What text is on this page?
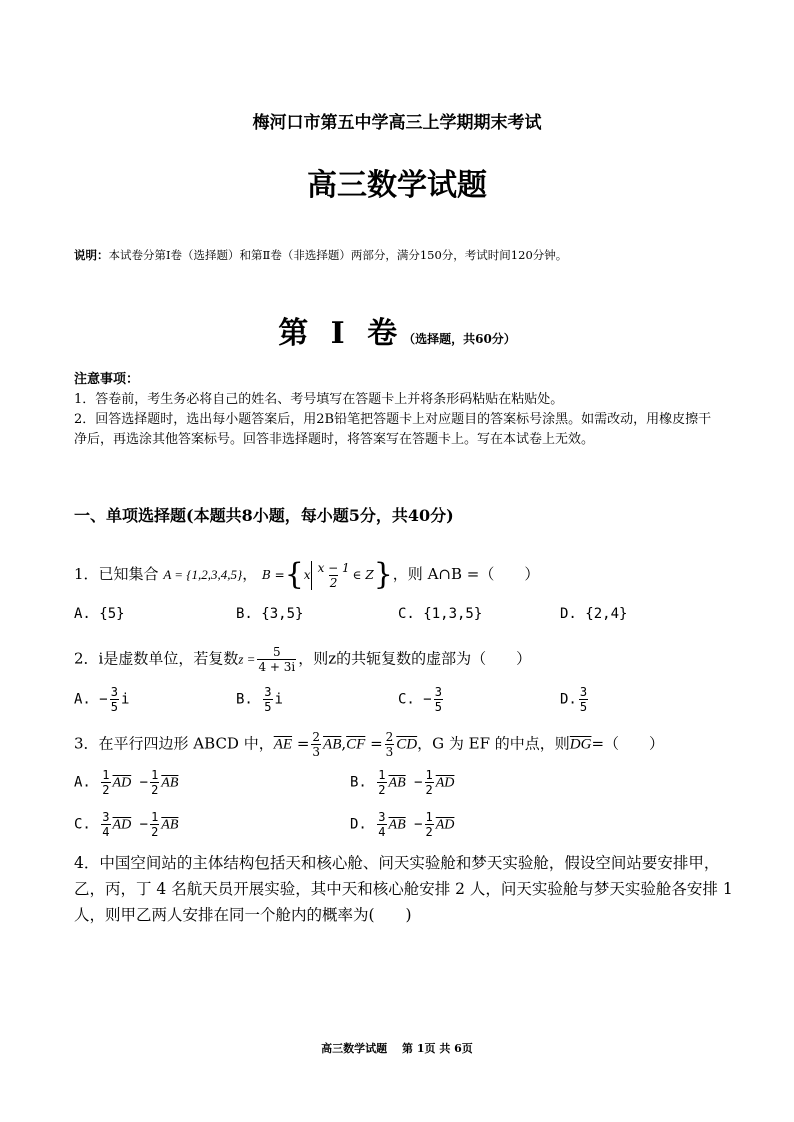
梅河口市第五中学高三上学期期末考试
高三数学试题
说明：本试卷分第Ⅰ卷（选择题）和第Ⅱ卷（非选择题）两部分，满分150分，考试时间120分钟。
第 Ⅰ 卷（选择题，共60分）
注意事项：
1．答卷前，考生务必将自己的姓名、考号填写在答题卡上并将条形码粘贴在粘贴处。
2．回答选择题时，选出每小题答案后，用2B铅笔把答题卡上对应题目的答案标号涂黑。如需改动，用橡皮擦干净后，再选涂其他答案标号。回答非选择题时，将答案写在答题卡上。写在本试卷上无效。
一、单项选择题(本题共8小题，每小题5分，共40分)
1．已知集合 A = {1,2,3,4,5}， B = { x $\frac{x - 1}{2}$ ∈ Z } ，则 A∩B =（　　）
A. {5}	B. {3,5}	C. {1,3,5}	D. {2,4}
2．i是虚数单位，若复数$z = \frac{5}{4 + 3i}$ ，则z的共轭复数的虚部为（　　）
A. − $\frac{3}{5}$ i	B. $\frac{3}{5}$ i	C. − $\frac{3}{5}$	D. $\frac{3}{5}$
3．在平行四边形 ABCD 中，$\overline{AE} = \frac{2}{3} \overline{AB},\overline{CF} = \frac{2}{3} \overline{CD}$，G 为 EF 的中点，则$\overline{DG}=$（　　）
A. $\frac{1}{2} \overline{AD} - \frac{1}{2} \overline{AB}$	B. $\frac{1}{2} \overline{AB} - \frac{1}{2} \overline{AD}$
C. $\frac{3}{4} \overline{AD} - \frac{1}{2} \overline{AB}$	D. $\frac{3}{4} \overline{AB} - \frac{1}{2} \overline{AD}$
4．中国空间站的主体结构包括天和核心舱、问天实验舱和梦天实验舱，假设空间站要安排甲，乙，丙，丁 4 名航天员开展实验，其中天和核心舱安排 2 人，问天实验舱与梦天实验舱各安排 1 人，则甲乙两人安排在同一个舱内的概率为(　　)
高三数学试题　 第 1页 共 6页
